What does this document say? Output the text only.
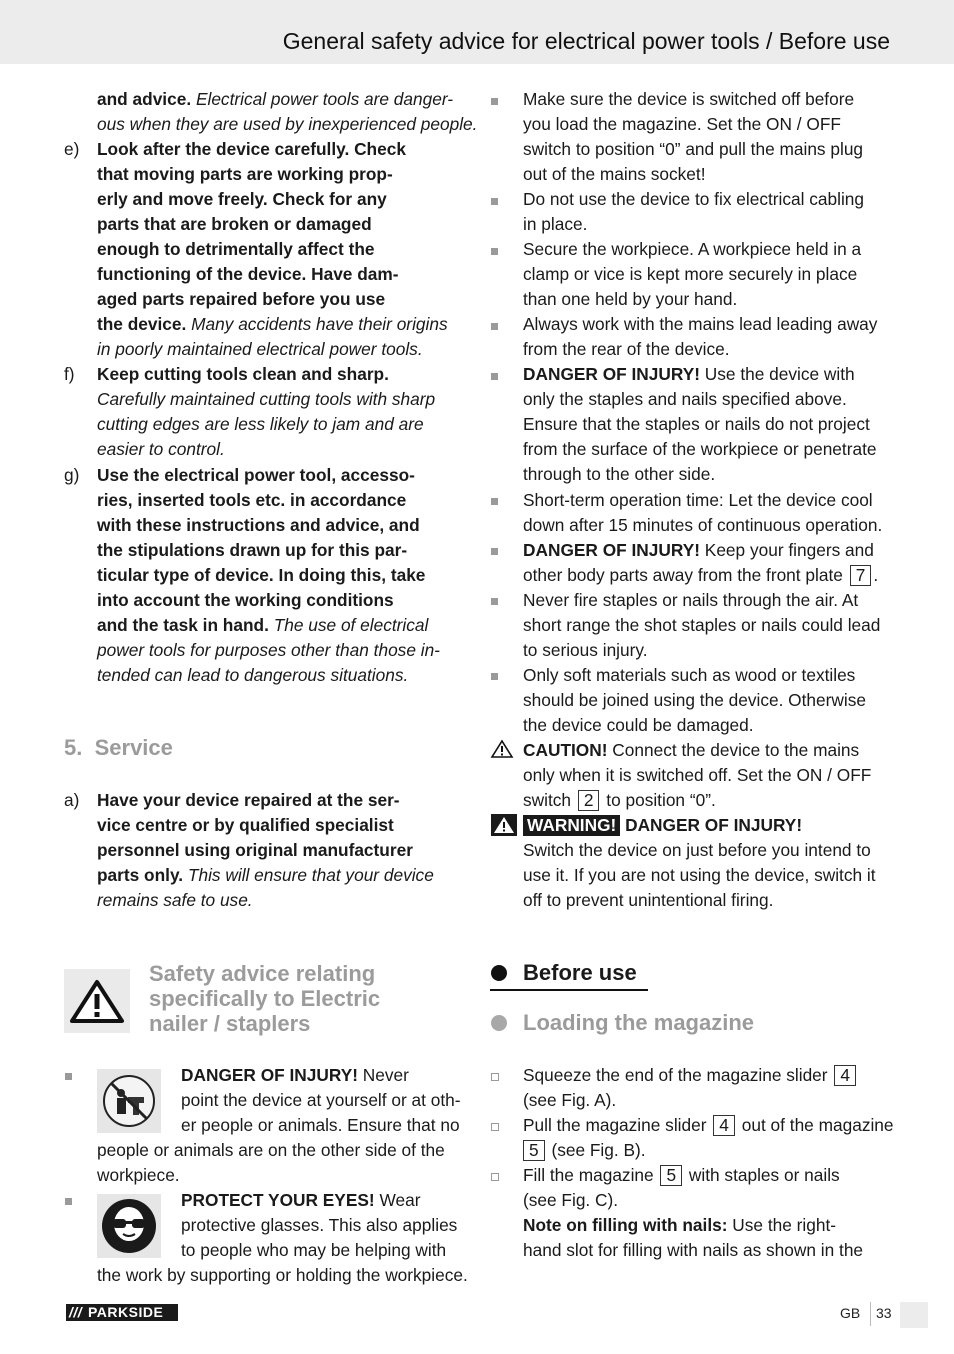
General safety advice for electrical power tools / Before use
and advice. Electrical power tools are danger-
ous when they are used by inexperienced people.
e) Look after the device carefully. Check
that moving parts are working prop-
erly and move freely. Check for any
parts that are broken or damaged
enough to detrimentally affect the
functioning of the device. Have dam-
aged parts repaired before you use
the device. Many accidents have their origins
in poorly maintained electrical power tools.
f) Keep cutting tools clean and sharp.
Carefully maintained cutting tools with sharp
cutting edges are less likely to jam and are
easier to control.
g) Use the electrical power tool, accesso-
ries, inserted tools etc. in accordance
with these instructions and advice, and
the stipulations drawn up for this par-
ticular type of device. In doing this, take
into account the working conditions
and the task in hand. The use of electrical
power tools for purposes other than those in-
tended can lead to dangerous situations.
5. Service
a) Have your device repaired at the ser-
vice centre or by qualified specialist
personnel using original manufacturer
parts only. This will ensure that your device
remains safe to use.
Safety advice relating
specifically to Electric
nailer / staplers
DANGER OF INJURY! Never
point the device at yourself or at oth-
er people or animals. Ensure that no
people or animals are on the other side of the
workpiece.
PROTECT YOUR EYES! Wear
protective glasses. This also applies
to people who may be helping with
the work by supporting or holding the workpiece.
Make sure the device is switched off before
you load the magazine. Set the ON / OFF
switch to position “0” and pull the mains plug
out of the mains socket!
Do not use the device to fix electrical cabling
in place.
Secure the workpiece. A workpiece held in a
clamp or vice is kept more securely in place
than one held by your hand.
Always work with the mains lead leading away
from the rear of the device.
DANGER OF INJURY! Use the device with
only the staples and nails specified above.
Ensure that the staples or nails do not project
from the surface of the workpiece or penetrate
through to the other side.
Short-term operation time: Let the device cool
down after 15 minutes of continuous operation.
DANGER OF INJURY! Keep your fingers and
other body parts away from the front plate 7 .
Never fire staples or nails through the air. At
short range the shot staples or nails could lead
to serious injury.
Only soft materials such as wood or textiles
should be joined using the device. Otherwise
the device could be damaged.
CAUTION! Connect the device to the mains
only when it is switched off. Set the ON / OFF
switch 2 to position “0”.
WARNING! DANGER OF INJURY!
Switch the device on just before you intend to
use it. If you are not using the device, switch it
off to prevent unintentional firing.
Before use
Loading the magazine
Squeeze the end of the magazine slider 4
(see Fig. A).
Pull the magazine slider 4 out of the magazine
5 (see Fig. B).
Fill the magazine 5 with staples or nails
(see Fig. C).
Note on filling with nails: Use the right-
hand slot for filling with nails as shown in the
/// PARKSIDE	GB 33
